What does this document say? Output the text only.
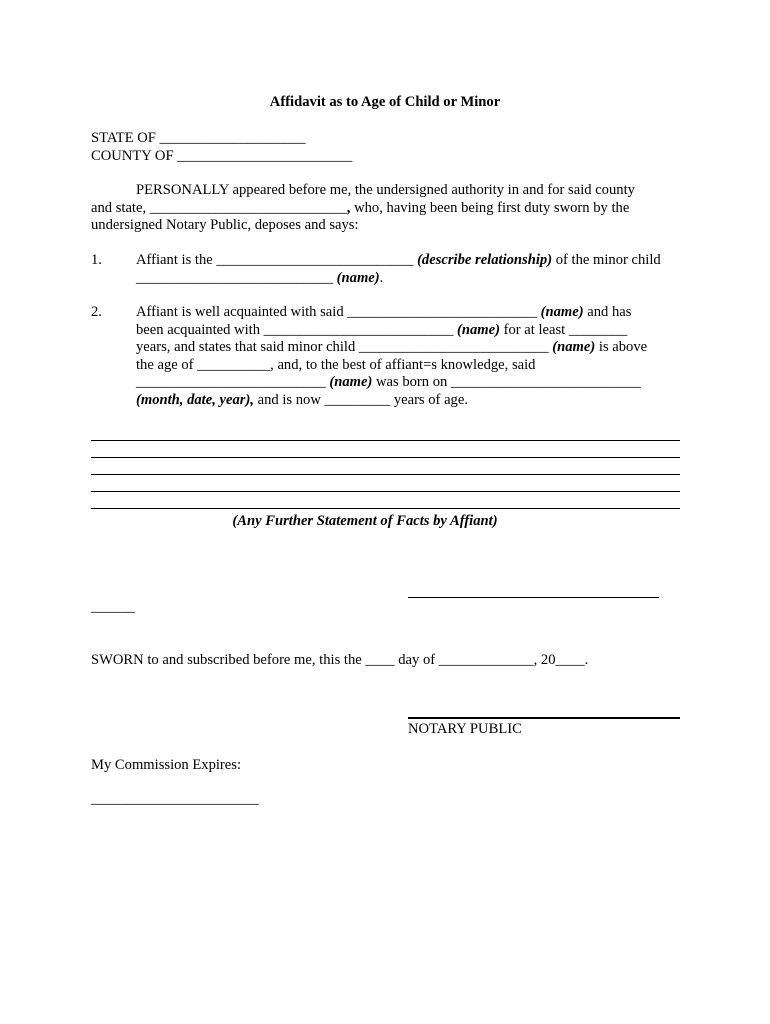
Affidavit as to Age of Child or Minor
STATE OF ____________________
COUNTY OF ________________________
PERSONALLY appeared before me, the undersigned authority in and for said county
and state, ___________________________, who, having been being first duty sworn by the
undersigned Notary Public, deposes and says:
1. Affiant is the ___________________________ (describe relationship) of the minor child
___________________________ (name).
2. Affiant is well acquainted with said __________________________ (name) and has
been acquainted with __________________________ (name) for at least ________
years, and states that said minor child __________________________ (name) is above
the age of __________, and, to the best of affiant=s knowledge, said
__________________________ (name) was born on __________________________
(month, date, year), and is now _________ years of age.
(Any Further Statement of Facts by Affiant)
______
SWORN to and subscribed before me, this the ____ day of _____________, 20____.
NOTARY PUBLIC
My Commission Expires:
_______________________
